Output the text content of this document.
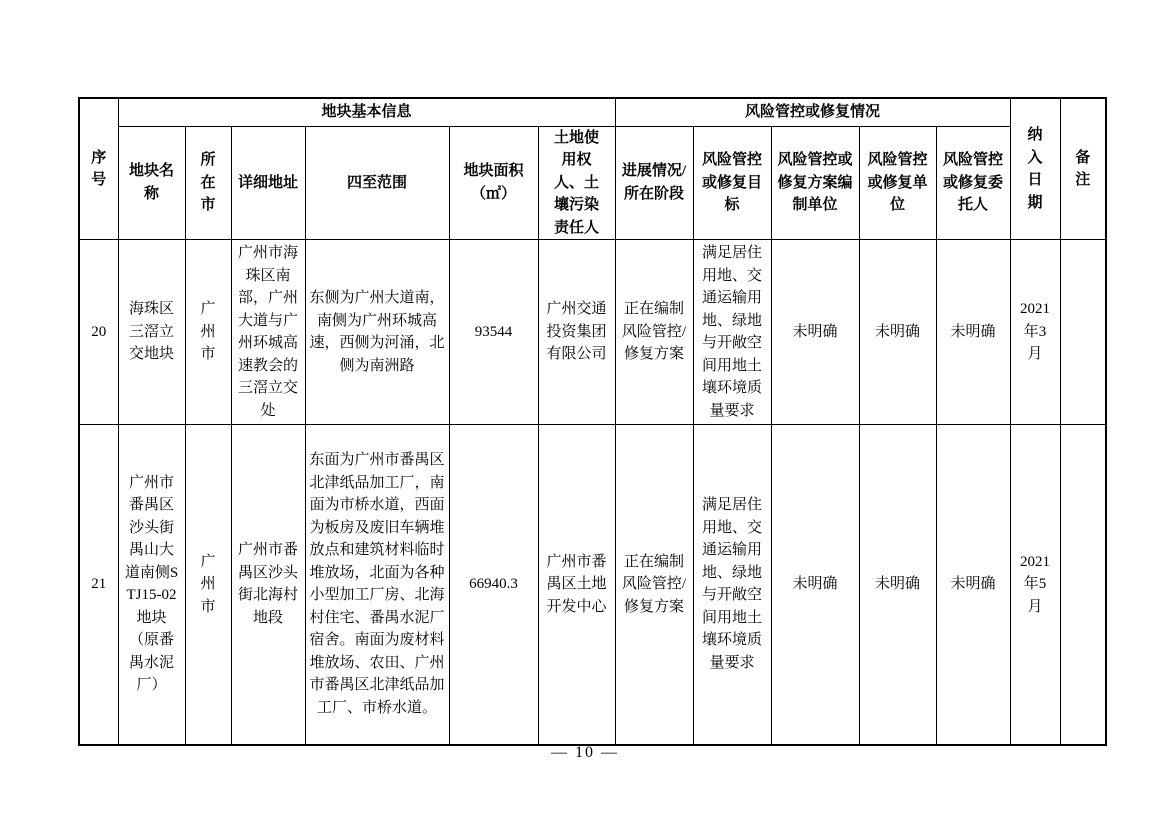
序号	地块基本信息						风险管控或修复情况					纳入日期	备注
	地块名称	所在市	详细地址	四至范围	地块面积（㎡）	土地使用权人、土壤污染责任人	进展情况/所在阶段	风险管控或修复目标	风险管控或修复方案编制单位	风险管控或修复单位	风险管控或修复委托人		
20	海珠区三滘立交地块	广州市	广州市海珠区南部，广州大道与广州环城高速教会的三滘立交处	东侧为广州大道南，南侧为广州环城高速，西侧为河涌，北侧为南洲路	93544	广州交通投资集团有限公司	正在编制风险管控/修复方案	满足居住用地、交通运输用地、绿地与开敞空间用地土壤环境质量要求	未明确	未明确	未明确	2021年3月	
21	广州市番禺区沙头街禺山大道南侧STJ15-02地块（原番禺水泥厂）	广州市	广州市番禺区沙头街北海村地段	东面为广州市番禺区北津纸品加工厂，南面为市桥水道，西面为板房及废旧车辆堆放点和建筑材料临时堆放场，北面为各种小型加工厂房、北海村住宅、番禺水泥厂宿舍。南面为废材料堆放场、农田、广州市番禺区北津纸品加工厂、市桥水道。	66940.3	广州市番禺区土地开发中心	正在编制风险管控/修复方案	满足居住用地、交通运输用地、绿地与开敞空间用地土壤环境质量要求	未明确	未明确	未明确	2021年5月	
— 10 —
